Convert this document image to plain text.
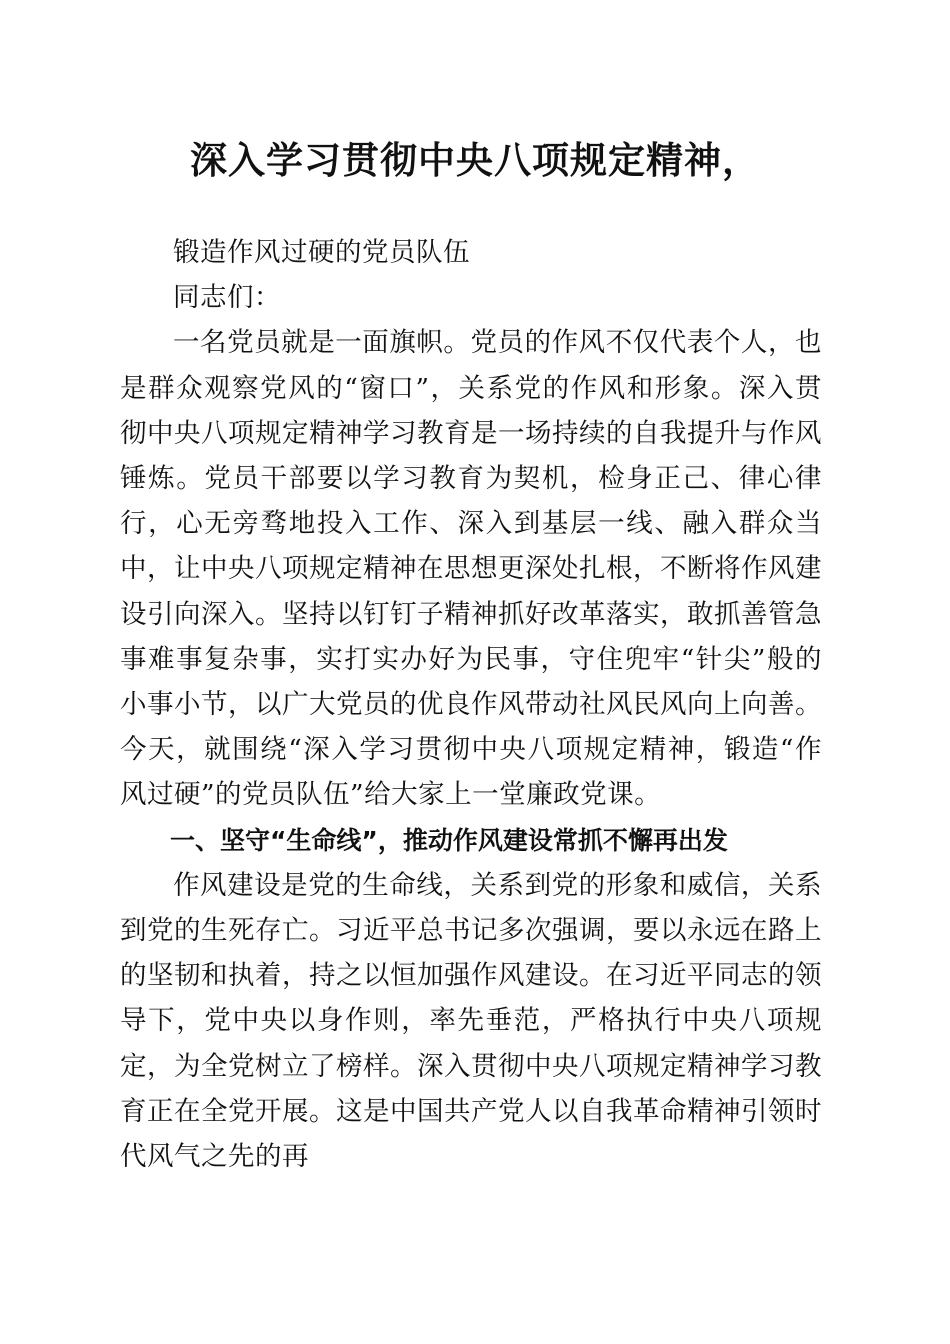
深入学习贯彻中央八项规定精神，

锻造作风过硬的党员队伍

同志们：

一名党员就是一面旗帜。党员的作风不仅代表个人，也是群众观察党风的“窗口”，关系党的作风和形象。深入贯彻中央八项规定精神学习教育是一场持续的自我提升与作风锤炼。党员干部要以学习教育为契机，检身正己、律心律行，心无旁骛地投入工作、深入到基层一线、融入群众当中，让中央八项规定精神在思想更深处扎根，不断将作风建设引向深入。坚持以钉钉子精神抓好改革落实，敢抓善管急事难事复杂事，实打实办好为民事，守住兜牢“针尖”般的小事小节，以广大党员的优良作风带动社风民风向上向善。今天，就围绕“深入学习贯彻中央八项规定精神，锻造“作风过硬”的党员队伍”给大家上一堂廉政党课。

一、坚守“生命线”，推动作风建设常抓不懈再出发

作风建设是党的生命线，关系到党的形象和威信，关系到党的生死存亡。习近平总书记多次强调，要以永远在路上的坚韧和执着，持之以恒加强作风建设。在习近平同志的领导下，党中央以身作则，率先垂范，严格执行中央八项规定，为全党树立了榜样。深入贯彻中央八项规定精神学习教育正在全党开展。这是中国共产党人以自我革命精神引领时代风气之先的再
